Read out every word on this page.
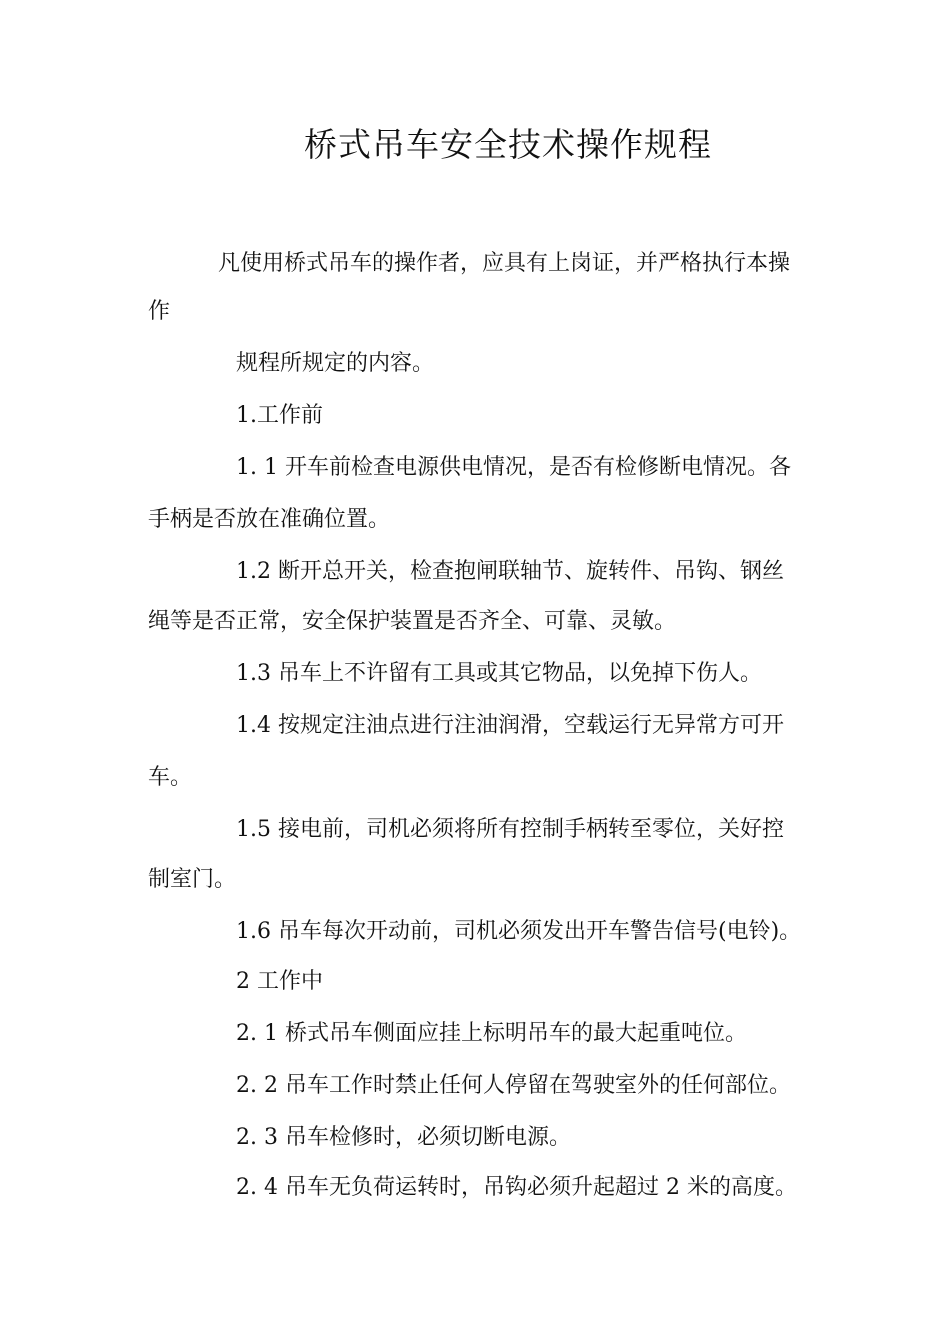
桥式吊车安全技术操作规程

凡使用桥式吊车的操作者，应具有上岗证，并严格执行本操

作

规程所规定的内容。

1.工作前

1. 1 开车前检查电源供电情况，是否有检修断电情况。各

手柄是否放在准确位置。

1.2 断开总开关，检查抱闸联轴节、旋转件、吊钩、钢丝

绳等是否正常，安全保护装置是否齐全、可靠、灵敏。

1.3 吊车上不许留有工具或其它物品，以免掉下伤人。

1.4 按规定注油点进行注油润滑，空载运行无异常方可开

车。

1.5 接电前，司机必须将所有控制手柄转至零位，关好控

制室门。

1.6 吊车每次开动前，司机必须发出开车警告信号(电铃)。

2 工作中

2. 1 桥式吊车侧面应挂上标明吊车的最大起重吨位。

2. 2 吊车工作时禁止任何人停留在驾驶室外的任何部位。

2. 3 吊车检修时，必须切断电源。

2. 4 吊车无负荷运转时，吊钩必须升起超过 2 米的高度。
